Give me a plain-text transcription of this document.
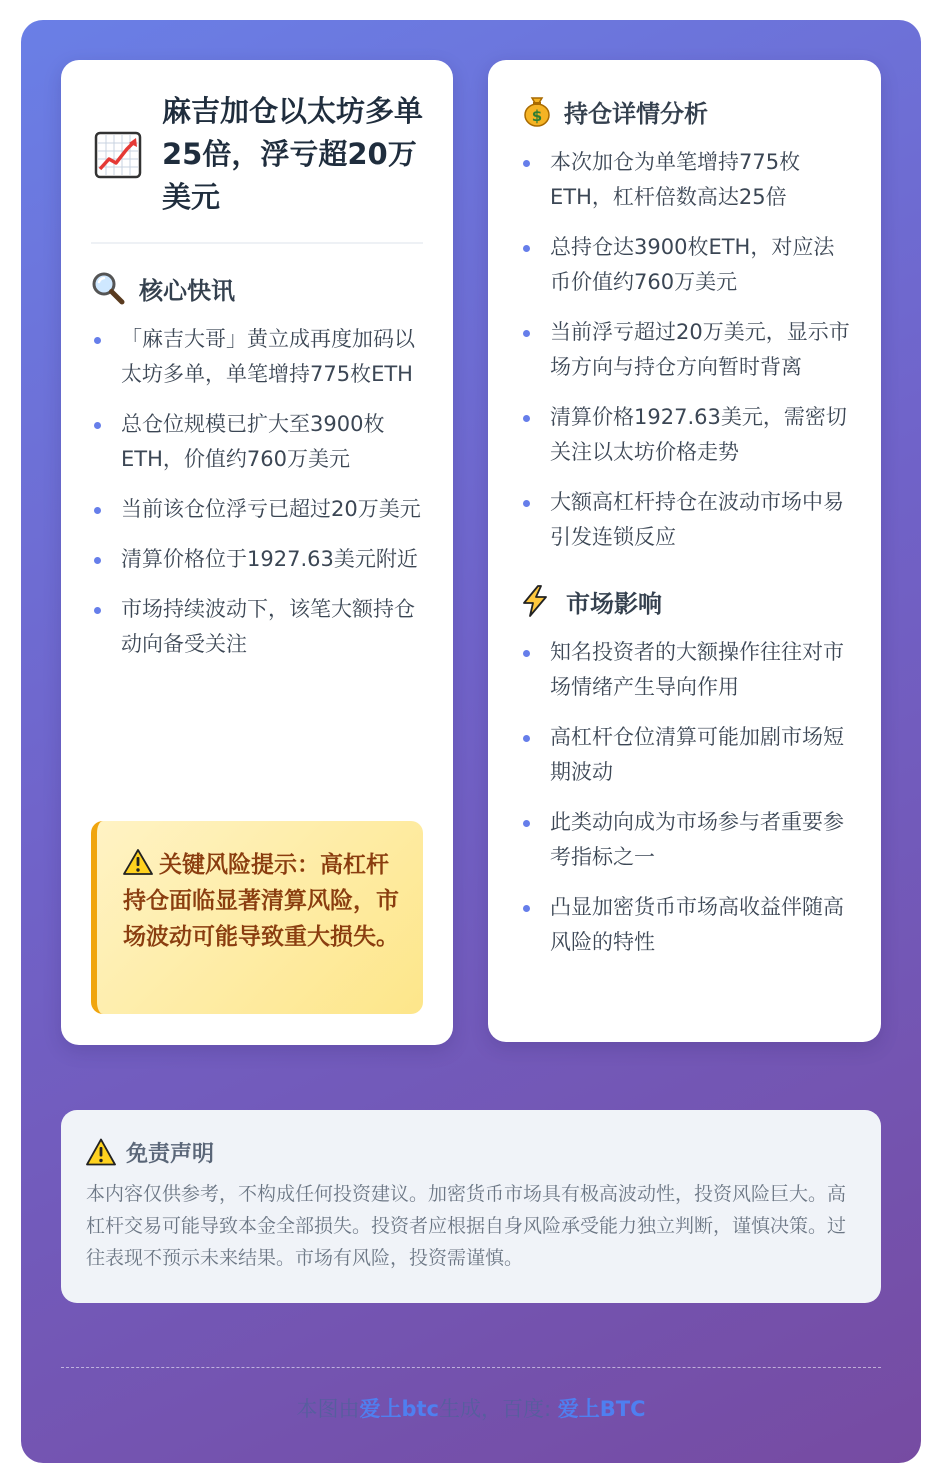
麻吉加仓以太坊多单25倍，浮亏超20万美元
核心快讯
「麻吉大哥」黄立成再度加码以太坊多单，单笔增持775枚ETH
总仓位规模已扩大至3900枚ETH，价值约760万美元
当前该仓位浮亏已超过20万美元
清算价格位于1927.63美元附近
市场持续波动下，该笔大额持仓动向备受关注
关键风险提示：高杠杆持仓面临显著清算风险，市场波动可能导致重大损失。
$ 持仓详情分析
本次加仓为单笔增持775枚ETH，杠杆倍数高达25倍
总持仓达3900枚ETH，对应法币价值约760万美元
当前浮亏超过20万美元，显示市场方向与持仓方向暂时背离
清算价格1927.63美元，需密切关注以太坊价格走势
大额高杠杆持仓在波动市场中易引发连锁反应
市场影响
知名投资者的大额操作往往对市场情绪产生导向作用
高杠杆仓位清算可能加剧市场短期波动
此类动向成为市场参与者重要参考指标之一
凸显加密货币市场高收益伴随高风险的特性
免责声明
本内容仅供参考，不构成任何投资建议。加密货币市场具有极高波动性，投资风险巨大。高杠杆交易可能导致本金全部损失。投资者应根据自身风险承受能力独立判断，谨慎决策。过往表现不预示未来结果。市场有风险，投资需谨慎。
本图由爱上btc生成，百度: 爱上BTC
